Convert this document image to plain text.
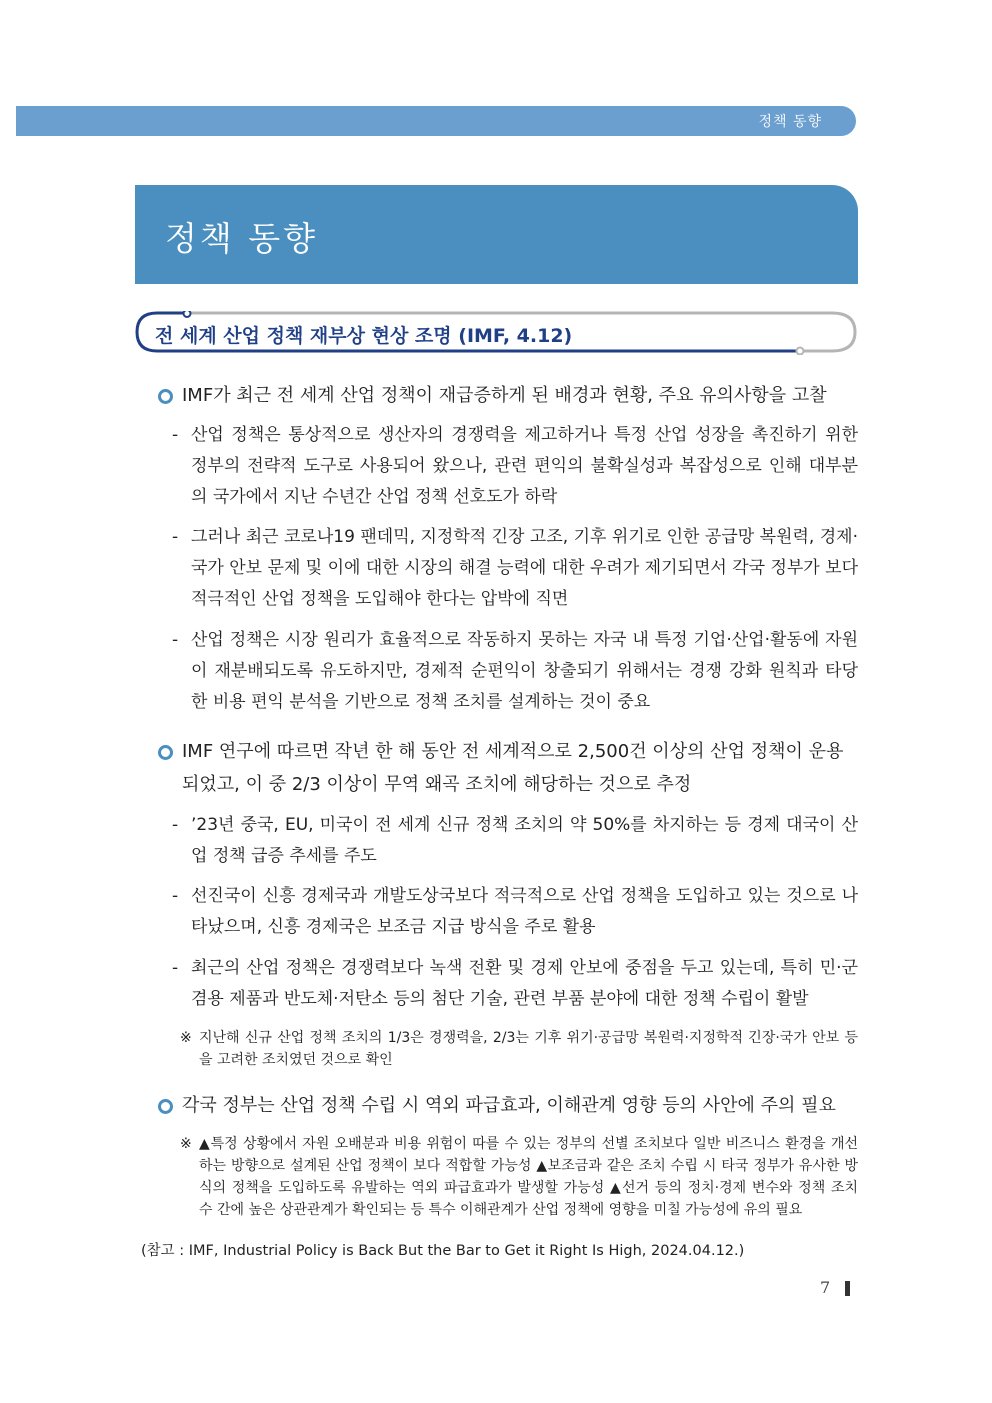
정책 동향
정책 동향
전 세계 산업 정책 재부상 현상 조명 (IMF, 4.12)
IMF가 최근 전 세계 산업 정책이 재급증하게 된 배경과 현황, 주요 유의사항을 고찰
- 산업 정책은 통상적으로 생산자의 경쟁력을 제고하거나 특정 산업 성장을 촉진하기 위한 정부의 전략적 도구로 사용되어 왔으나, 관련 편익의 불확실성과 복잡성으로 인해 대부분의 국가에서 지난 수년간 산업 정책 선호도가 하락
- 그러나 최근 코로나19 팬데믹, 지정학적 긴장 고조, 기후 위기로 인한 공급망 복원력, 경제·국가 안보 문제 및 이에 대한 시장의 해결 능력에 대한 우려가 제기되면서 각국 정부가 보다 적극적인 산업 정책을 도입해야 한다는 압박에 직면
- 산업 정책은 시장 원리가 효율적으로 작동하지 못하는 자국 내 특정 기업·산업·활동에 자원이 재분배되도록 유도하지만, 경제적 순편익이 창출되기 위해서는 경쟁 강화 원칙과 타당한 비용 편익 분석을 기반으로 정책 조치를 설계하는 것이 중요
IMF 연구에 따르면 작년 한 해 동안 전 세계적으로 2,500건 이상의 산업 정책이 운용되었고, 이 중 2/3 이상이 무역 왜곡 조치에 해당하는 것으로 추정
- ’23년 중국, EU, 미국이 전 세계 신규 정책 조치의 약 50%를 차지하는 등 경제 대국이 산업 정책 급증 추세를 주도
- 선진국이 신흥 경제국과 개발도상국보다 적극적으로 산업 정책을 도입하고 있는 것으로 나타났으며, 신흥 경제국은 보조금 지급 방식을 주로 활용
- 최근의 산업 정책은 경쟁력보다 녹색 전환 및 경제 안보에 중점을 두고 있는데, 특히 민·군 겸용 제품과 반도체·저탄소 등의 첨단 기술, 관련 부품 분야에 대한 정책 수립이 활발
※ 지난해 신규 산업 정책 조치의 1/3은 경쟁력을, 2/3는 기후 위기·공급망 복원력·지정학적 긴장·국가 안보 등을 고려한 조치였던 것으로 확인
각국 정부는 산업 정책 수립 시 역외 파급효과, 이해관계 영향 등의 사안에 주의 필요
※ ▲특정 상황에서 자원 오배분과 비용 위험이 따를 수 있는 정부의 선별 조치보다 일반 비즈니스 환경을 개선하는 방향으로 설계된 산업 정책이 보다 적합할 가능성 ▲보조금과 같은 조치 수립 시 타국 정부가 유사한 방식의 정책을 도입하도록 유발하는 역외 파급효과가 발생할 가능성 ▲선거 등의 정치·경제 변수와 정책 조치 수 간에 높은 상관관계가 확인되는 등 특수 이해관계가 산업 정책에 영향을 미칠 가능성에 유의 필요
(참고 : IMF, Industrial Policy is Back But the Bar to Get it Right Is High, 2024.04.12.)
7
